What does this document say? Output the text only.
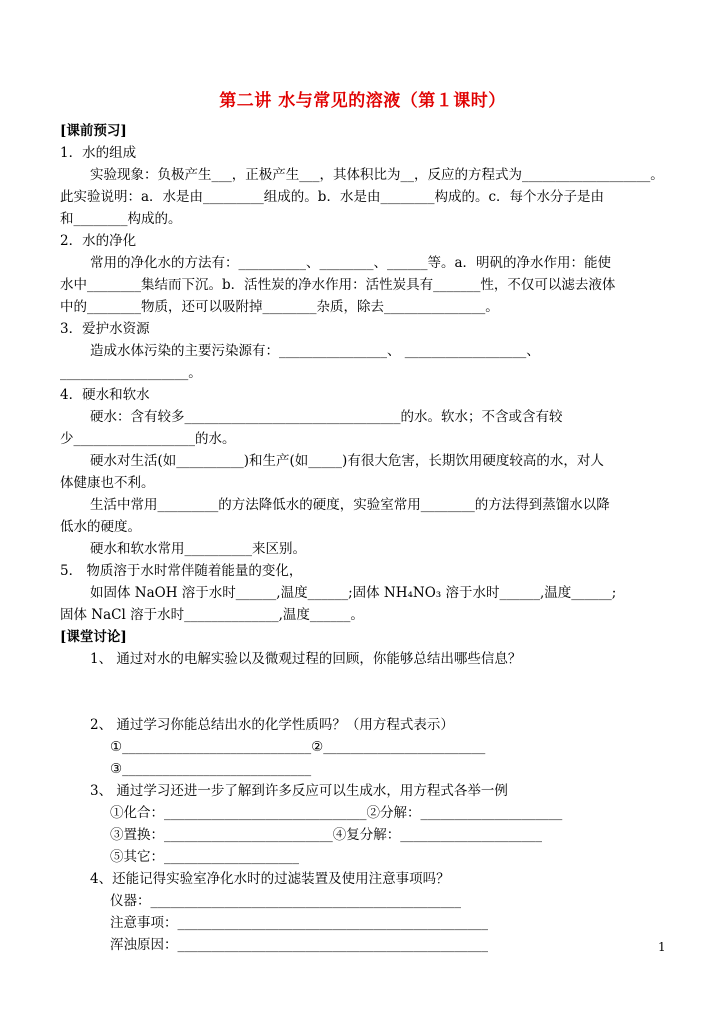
第二讲 水与常见的溶液（第１课时）
[课前预习]
1．水的组成
实验现象：负极产生___，正极产生___，其体积比为__，反应的方程式为___________________。
此实验说明：a．水是由_________组成的。b．水是由________构成的。c．每个水分子是由
和________构成的。
2．水的净化
常用的净化水的方法有：__________、________、______等。a．明矾的净水作用：能使
水中________集结而下沉。b．活性炭的净水作用：活性炭具有_______性，不仅可以滤去液体
中的________物质，还可以吸附掉________杂质，除去_______________。
3．爱护水资源
造成水体污染的主要污染源有：________________、 __________________、
___________________。
4．硬水和软水
硬水：含有较多________________________________的水。软水；不含或含有较
少__________________的水。
硬水对生活(如__________)和生产(如_____)有很大危害，长期饮用硬度较高的水，对人
体健康也不利。
生活中常用_________的方法降低水的硬度，实验室常用________的方法得到蒸馏水以降
低水的硬度。
硬水和软水常用__________来区别。
5． 物质溶于水时常伴随着能量的变化，
如固体 NaOH 溶于水时______,温度______;固体 NH₄NO₃ 溶于水时______,温度______;
固体 NaCl 溶于水时______________,温度______。
[课堂讨论]
1、 通过对水的电解实验以及微观过程的回顾，你能够总结出哪些信息？
2、 通过学习你能总结出水的化学性质吗？（用方程式表示）
①____________________________②________________________
③____________________________
3、 通过学习还进一步了解到许多反应可以生成水，用方程式各举一例
①化合：______________________________②分解：_____________________
③置换：_________________________④复分解：_____________________
⑤其它：____________________
4、还能记得实验室净化水时的过滤装置及使用注意事项吗？
仪器：______________________________________________
注意事项：______________________________________________
浑浊原因：______________________________________________	1
